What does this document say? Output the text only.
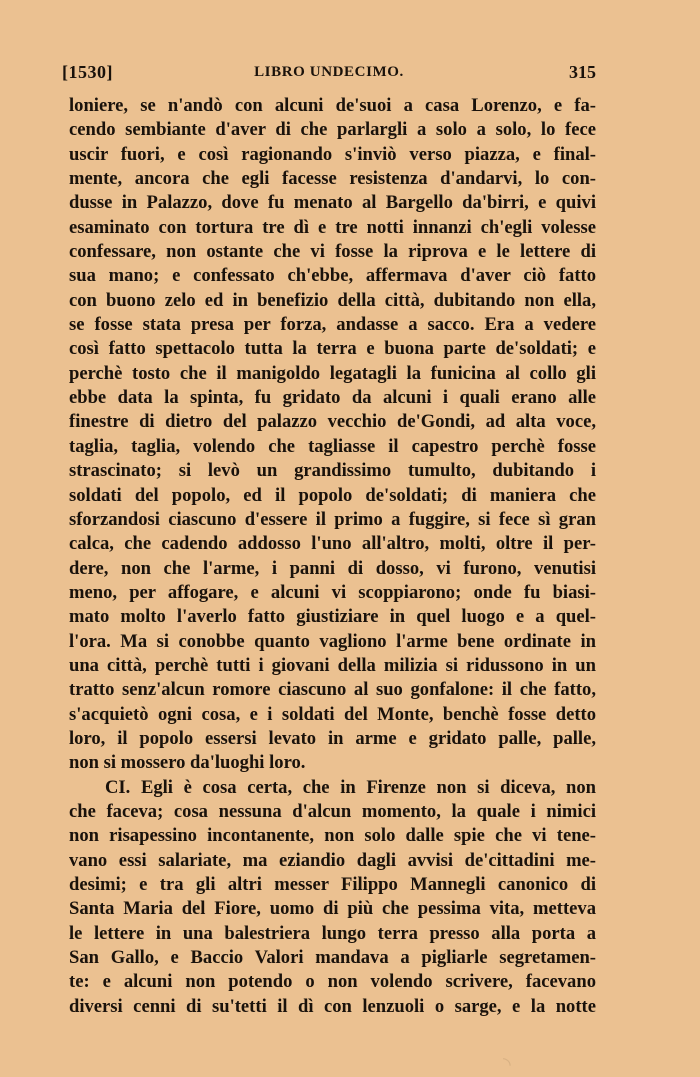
[1530]	LIBRO UNDECIMO.	315
loniere, se n'andò con alcuni de'suoi a casa Lorenzo, e fa-
cendo sembiante d'aver di che parlargli a solo a solo, lo fece
uscir fuori, e così ragionando s'inviò verso piazza, e final-
mente, ancora che egli facesse resistenza d'andarvi, lo con-
dusse in Palazzo, dove fu menato al Bargello da'birri, e quivi
esaminato con tortura tre dì e tre notti innanzi ch'egli volesse
confessare, non ostante che vi fosse la riprova e le lettere di
sua mano; e confessato ch'ebbe, affermava d'aver ciò fatto
con buono zelo ed in benefizio della città, dubitando non ella,
se fosse stata presa per forza, andasse a sacco. Era a vedere
così fatto spettacolo tutta la terra e buona parte de'soldati; e
perchè tosto che il manigoldo legatagli la funicina al collo gli
ebbe data la spinta, fu gridato da alcuni i quali erano alle
finestre di dietro del palazzo vecchio de'Gondi, ad alta voce,
taglia, taglia, volendo che tagliasse il capestro perchè fosse
strascinato; si levò un grandissimo tumulto, dubitando i
soldati del popolo, ed il popolo de'soldati; di maniera che
sforzandosi ciascuno d'essere il primo a fuggire, si fece sì gran
calca, che cadendo addosso l'uno all'altro, molti, oltre il per-
dere, non che l'arme, i panni di dosso, vi furono, venutisi
meno, per affogare, e alcuni vi scoppiarono; onde fu biasi-
mato molto l'averlo fatto giustiziare in quel luogo e a quel-
l'ora. Ma si conobbe quanto vagliono l'arme bene ordinate in
una città, perchè tutti i giovani della milizia si ridussono in un
tratto senz'alcun romore ciascuno al suo gonfalone: il che fatto,
s'acquietò ogni cosa, e i soldati del Monte, benchè fosse detto
loro, il popolo essersi levato in arme e gridato palle, palle,
non si mossero da'luoghi loro.
CI. Egli è cosa certa, che in Firenze non si diceva, non
che faceva; cosa nessuna d'alcun momento, la quale i nimici
non risapessino incontanente, non solo dalle spie che vi tene-
vano essi salariate, ma eziandio dagli avvisi de'cittadini me-
desimi; e tra gli altri messer Filippo Mannegli canonico di
Santa Maria del Fiore, uomo di più che pessima vita, metteva
le lettere in una balestriera lungo terra presso alla porta a
San Gallo, e Baccio Valori mandava a pigliarle segretamen-
te: e alcuni non potendo o non volendo scrivere, facevano
diversi cenni di su'tetti il dì con lenzuoli o sarge, e la notte
◝
